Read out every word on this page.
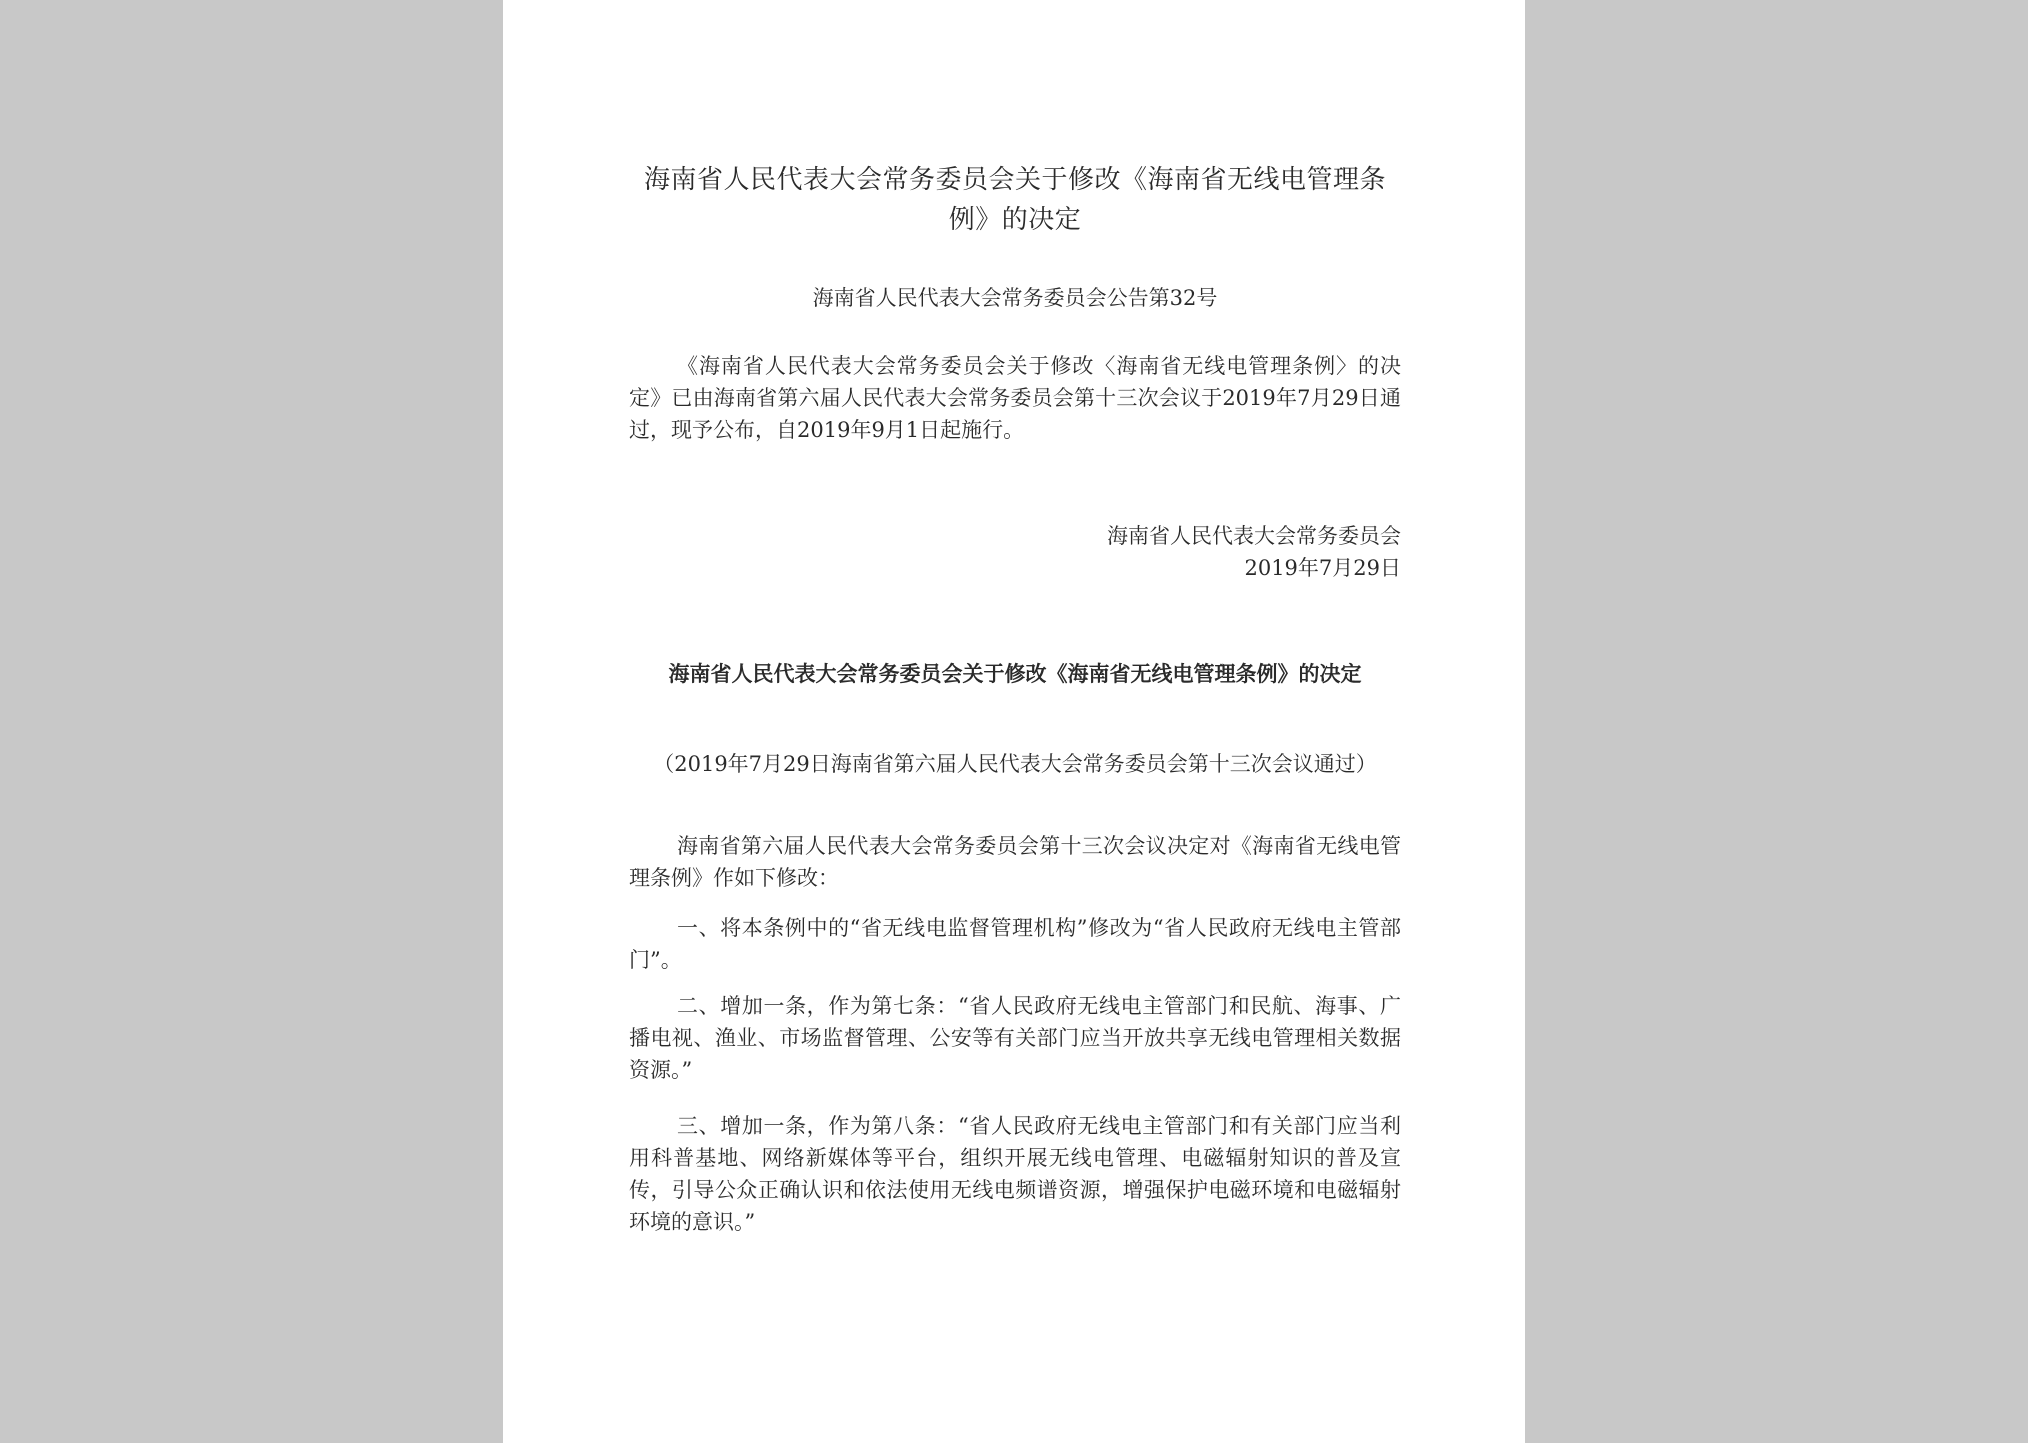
海南省人民代表大会常务委员会关于修改《海南省无线电管理条例》的决定
海南省人民代表大会常务委员会公告第32号

《海南省人民代表大会常务委员会关于修改〈海南省无线电管理条例〉的决定》已由海南省第六届人民代表大会常务委员会第十三次会议于2019年7月29日通过，现予公布，自2019年9月1日起施行。

海南省人民代表大会常务委员会
2019年7月29日
海南省人民代表大会常务委员会关于修改《海南省无线电管理条例》的决定
（2019年7月29日海南省第六届人民代表大会常务委员会第十三次会议通过）

海南省第六届人民代表大会常务委员会第十三次会议决定对《海南省无线电管理条例》作如下修改：

一、将本条例中的“省无线电监督管理机构”修改为“省人民政府无线电主管部门”。

二、增加一条，作为第七条：“省人民政府无线电主管部门和民航、海事、广播电视、渔业、市场监督管理、公安等有关部门应当开放共享无线电管理相关数据资源。”

三、增加一条，作为第八条：“省人民政府无线电主管部门和有关部门应当利用科普基地、网络新媒体等平台，组织开展无线电管理、电磁辐射知识的普及宣传，引导公众正确认识和依法使用无线电频谱资源，增强保护电磁环境和电磁辐射环境的意识。”
